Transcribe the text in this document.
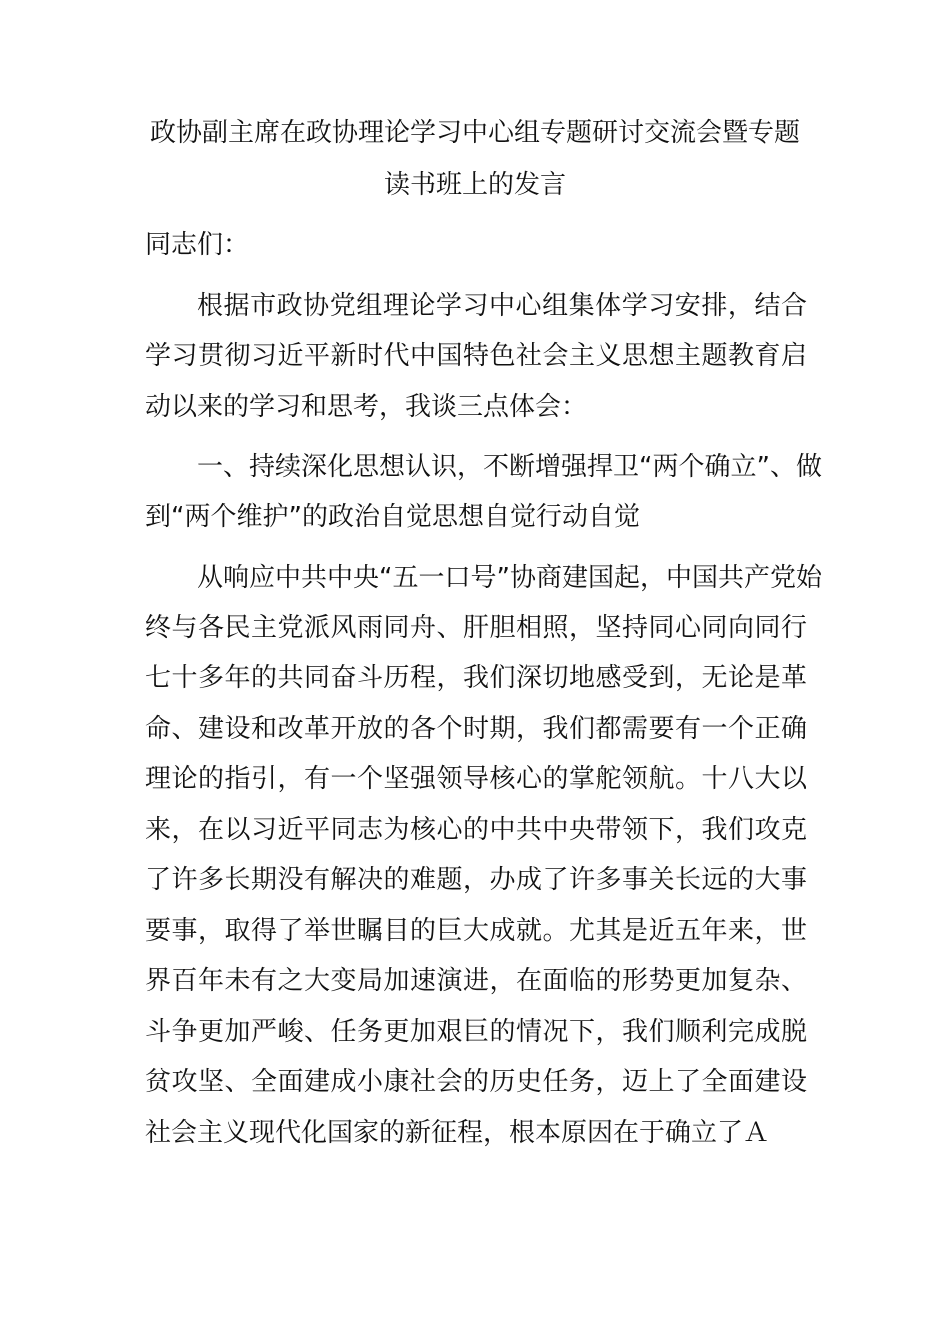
政协副主席在政协理论学习中心组专题研讨交流会暨专题
读书班上的发言
同志们：
根据市政协党组理论学习中心组集体学习安排，结合
学习贯彻习近平新时代中国特色社会主义思想主题教育启
动以来的学习和思考，我谈三点体会：
一、持续深化思想认识，不断增强捍卫“两个确立”、做
到“两个维护”的政治自觉思想自觉行动自觉
从响应中共中央“五一口号”协商建国起，中国共产党始
终与各民主党派风雨同舟、肝胆相照，坚持同心同向同行
七十多年的共同奋斗历程，我们深切地感受到，无论是革
命、建设和改革开放的各个时期，我们都需要有一个正确
理论的指引，有一个坚强领导核心的掌舵领航。十八大以
来，在以习近平同志为核心的中共中央带领下，我们攻克
了许多长期没有解决的难题，办成了许多事关长远的大事
要事，取得了举世瞩目的巨大成就。尤其是近五年来，世
界百年未有之大变局加速演进，在面临的形势更加复杂、
斗争更加严峻、任务更加艰巨的情况下，我们顺利完成脱
贫攻坚、全面建成小康社会的历史任务，迈上了全面建设
社会主义现代化国家的新征程，根本原因在于确立了Ａ
